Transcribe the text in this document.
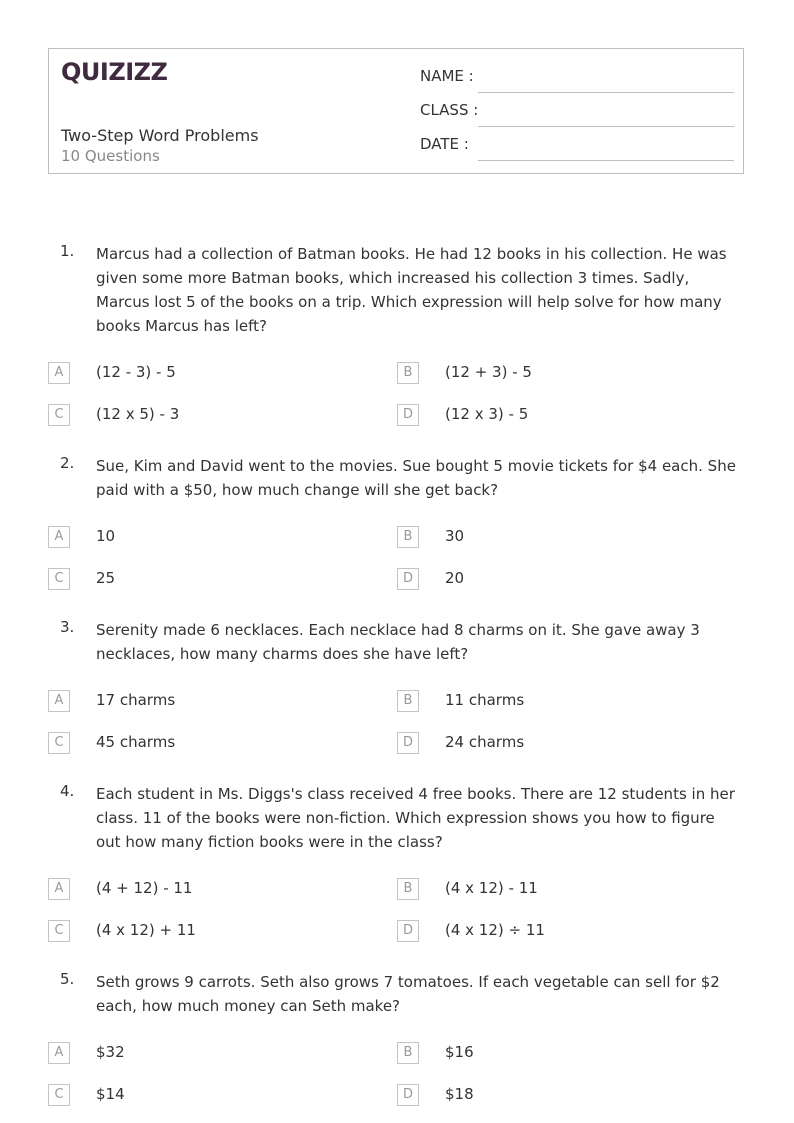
QUIZIZZ
Two-Step Word Problems
10 Questions
NAME :
CLASS :
DATE :
1. Marcus had a collection of Batman books. He had 12 books in his collection. He was given some more Batman books, which increased his collection 3 times. Sadly, Marcus lost 5 of the books on a trip. Which expression will help solve for how many books Marcus has left?
A	(12 - 3) - 5	B	(12 + 3) - 5
C	(12 x 5) - 3	D	(12 x 3) - 5
2. Sue, Kim and David went to the movies. Sue bought 5 movie tickets for $4 each. She paid with a $50, how much change will she get back?
A	10	B	30
C	25	D	20
3. Serenity made 6 necklaces. Each necklace had 8 charms on it. She gave away 3 necklaces, how many charms does she have left?
A	17 charms	B	11 charms
C	45 charms	D	24 charms
4. Each student in Ms. Diggs's class received 4 free books. There are 12 students in her class. 11 of the books were non-fiction. Which expression shows you how to figure out how many fiction books were in the class?
A	(4 + 12) - 11	B	(4 x 12) - 11
C	(4 x 12) + 11	D	(4 x 12) ÷ 11
5. Seth grows 9 carrots. Seth also grows 7 tomatoes. If each vegetable can sell for $2 each, how much money can Seth make?
A	$32	B	$16
C	$14	D	$18
